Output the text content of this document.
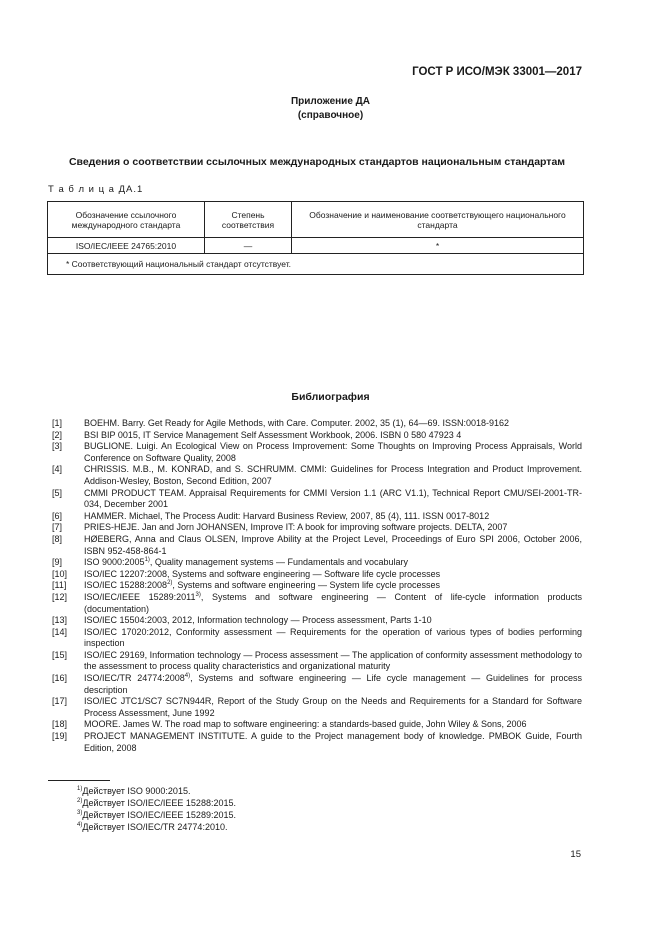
ГОСТ Р ИСО/МЭК 33001—2017
Приложение ДА
(справочное)
Сведения о соответствии ссылочных международных стандартов национальным стандартам
Т а б л и ц а ДА.1
Обозначение ссылочного международного стандарта	Степень соответствия	Обозначение и наименование соответствующего национального стандарта
ISO/IEC/IEEE 24765:2010	—	*
* Соответствующий национальный стандарт отсутствует.		
Библиография
[1]	BOEHM. Barry. Get Ready for Agile Methods, with Care. Computer. 2002, 35 (1), 64—69. ISSN:0018-9162
[2]	BSI BIP 0015, IT Service Management Self Assessment Workbook, 2006. ISBN 0 580 47923 4
[3]	BUGLIONE. Luigi. An Ecological View on Process Improvement: Some Thoughts on Improving Process Appraisals, World Conference on Software Quality, 2008
[4]	CHRISSIS. M.B., M. KONRAD, and S. SCHRUMM. CMMI: Guidelines for Process Integration and Product Improvement. Addison-Wesley, Boston, Second Edition, 2007
[5]	CMMI PRODUCT TEAM. Appraisal Requirements for CMMI Version 1.1 (ARC V1.1), Technical Report CMU/SEI-2001-TR-034, December 2001
[6]	HAMMER. Michael, The Process Audit: Harvard Business Review, 2007, 85 (4), 111. ISSN 0017-8012
[7]	PRIES-HEJE. Jan and Jorn JOHANSEN, Improve IT: A book for improving software projects. DELTA, 2007
[8]	HØEBERG, Anna and Claus OLSEN, Improve Ability at the Project Level, Proceedings of Euro SPI 2006, October 2006, ISBN 952-458-864-1
[9]	ISO 9000:2005$^{1)}$, Quality management systems — Fundamentals and vocabulary
[10]	ISO/IEC 12207:2008, Systems and software engineering — Software life cycle processes
[11]	ISO/IEC 15288:2008$^{2)}$, Systems and software engineering — System life cycle processes
[12]	ISO/IEC/IEEE 15289:2011$^{3)}$, Systems and software engineering — Content of life-cycle information products (documentation)
[13]	ISO/IEC 15504:2003, 2012, Information technology — Process assessment, Parts 1-10
[14]	ISO/IEC 17020:2012, Conformity assessment — Requirements for the operation of various types of bodies performing inspection
[15]	ISO/IEC 29169, Information technology — Process assessment — The application of conformity assessment methodology to the assessment to process quality characteristics and organizational maturity
[16]	ISO/IEC/TR 24774:2008$^{4)}$, Systems and software engineering — Life cycle management — Guidelines for process description
[17]	ISO/IEC JTC1/SC7 SC7N944R, Report of the Study Group on the Needs and Requirements for a Standard for Software Process Assessment, June 1992
[18]	MOORE. James W. The road map to software engineering: a standards-based guide, John Wiley & Sons, 2006
[19]	PROJECT MANAGEMENT INSTITUTE. A guide to the Project management body of knowledge. PMBOK Guide, Fourth Edition, 2008
$^{1)}$Действует ISO 9000:2015.
$^{2)}$Действует ISO/IEC/IEEE 15288:2015.
$^{3)}$Действует ISO/IEC/IEEE 15289:2015.
$^{4)}$Действует ISO/IEC/TR 24774:2010.
15
